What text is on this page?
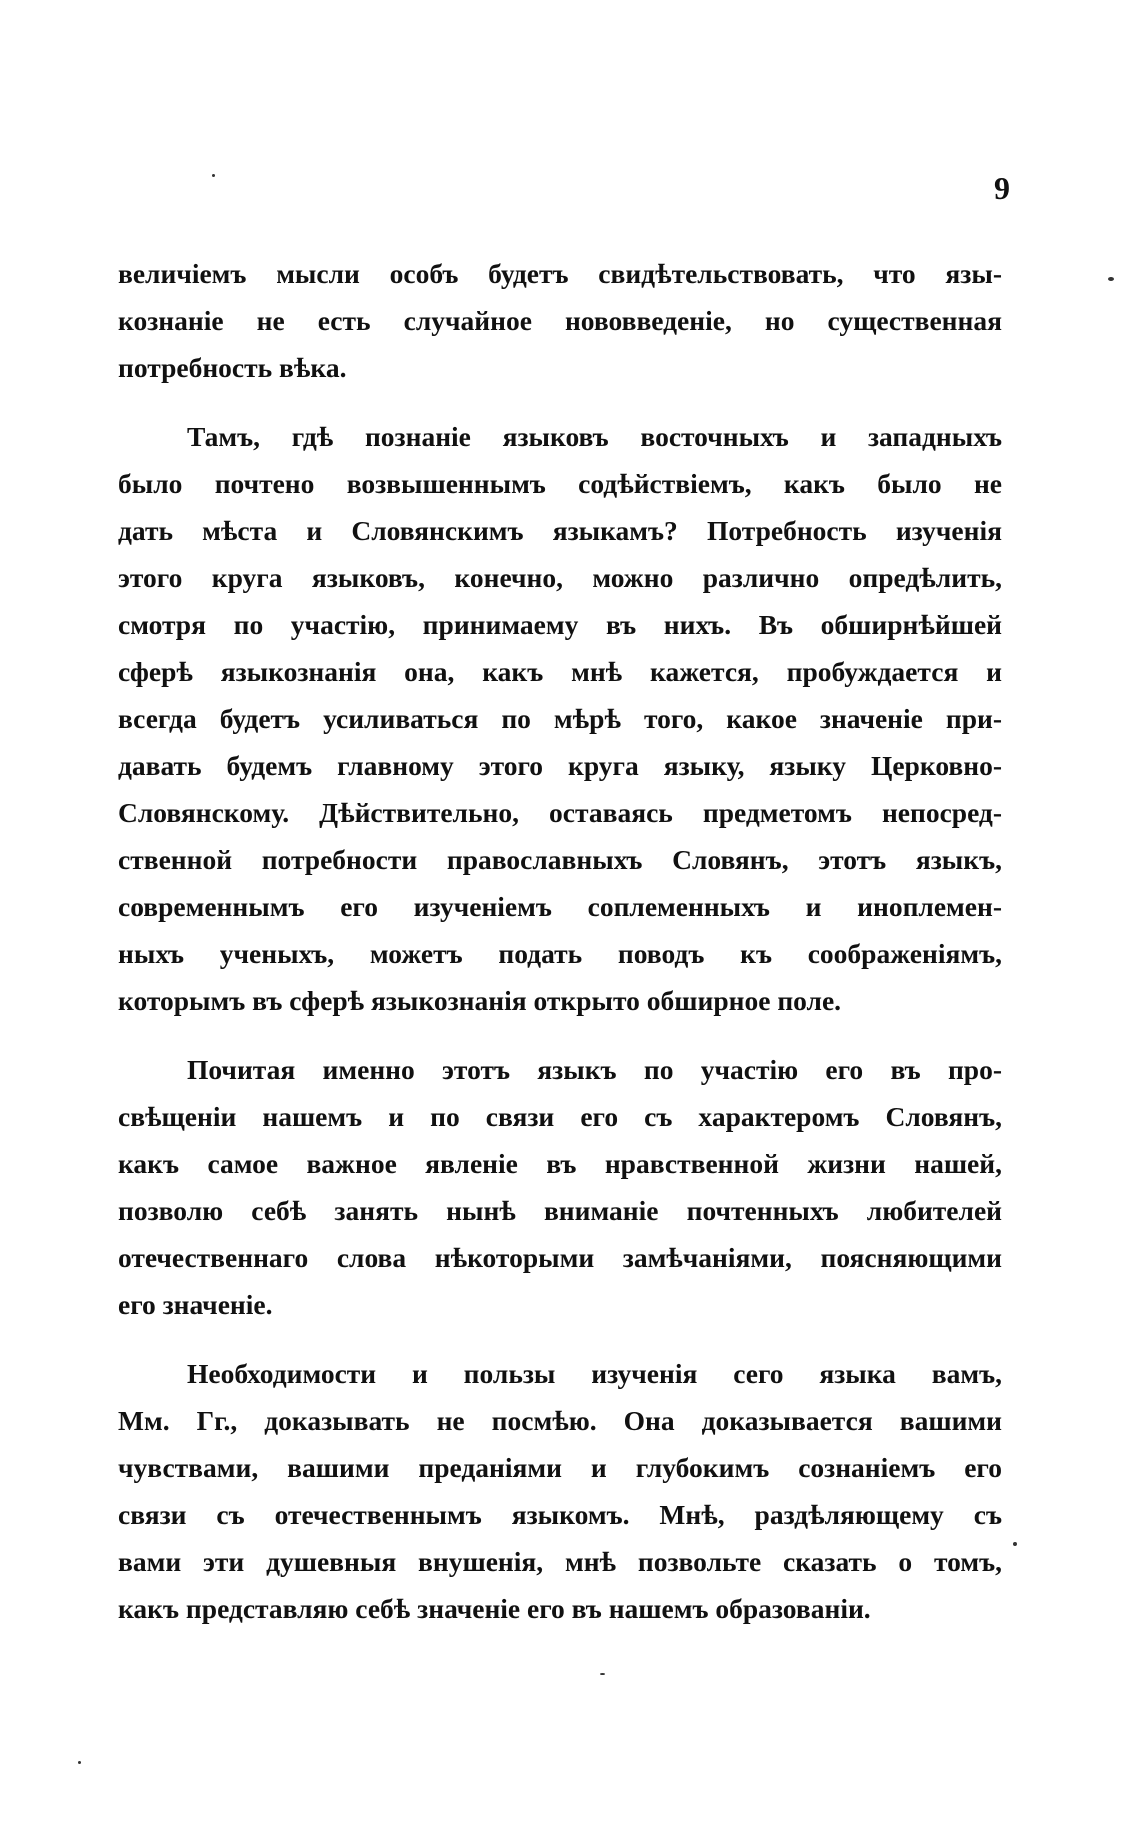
9
величіемъ мысли особъ будетъ свидѣтельствовать, что язы-
кознаніе не есть случайное нововведеніе, но существенная
потребность вѣка.
Тамъ, гдѣ познаніе языковъ восточныхъ и западныхъ
было почтено возвышеннымъ содѣйствіемъ, какъ было не
дать мѣста и Словянскимъ языкамъ? Потребность изученія
этого круга языковъ, конечно, можно различно опредѣлить,
смотря по участію, принимаему въ нихъ. Въ обширнѣйшей
сферѣ языкознанія она, какъ мнѣ кажется, пробуждается и
всегда будетъ усиливаться по мѣрѣ того, какое значеніе при-
давать будемъ главному этого круга языку, языку Церковно-
Словянскому. Дѣйствительно, оставаясь предметомъ непосред-
ственной потребности православныхъ Словянъ, этотъ языкъ,
современнымъ его изученіемъ соплеменныхъ и иноплемен-
ныхъ ученыхъ, можетъ подать поводъ къ соображеніямъ,
которымъ въ сферѣ языкознанія открыто обширное поле.
Почитая именно этотъ языкъ по участію его въ про-
свѣщеніи нашемъ и по связи его съ характеромъ Словянъ,
какъ самое важное явленіе въ нравственной жизни нашей,
позволю себѣ занять нынѣ вниманіе почтенныхъ любителей
отечественнаго слова нѣкоторыми замѣчаніями, поясняющими
его значеніе.
Необходимости и пользы изученія сего языка вамъ,
Мм. Гг., доказывать не посмѣю. Она доказывается вашими
чувствами, вашими преданіями и глубокимъ сознаніемъ его
связи съ отечественнымъ языкомъ. Мнѣ, раздѣляющему съ
вами эти душевныя внушенія, мнѣ позвольте сказать о томъ,
какъ представляю себѣ значеніе его въ нашемъ образованіи.
